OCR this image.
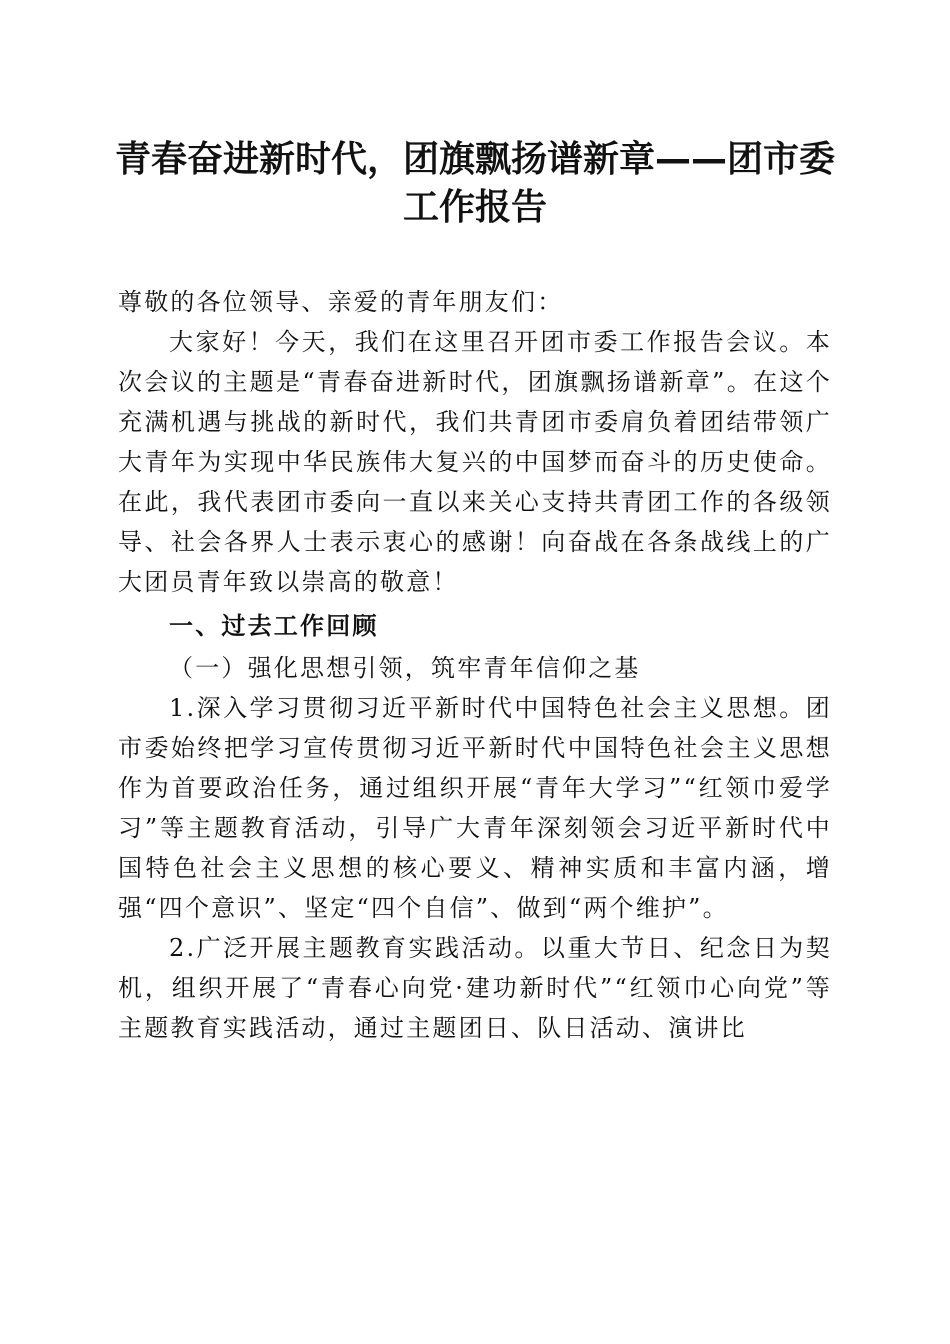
青春奋进新时代，团旗飘扬谱新章——团市委
工作报告

尊敬的各位领导、亲爱的青年朋友们：

大家好！今天，我们在这里召开团市委工作报告会议。本次会议的主题是“青春奋进新时代，团旗飘扬谱新章”。在这个充满机遇与挑战的新时代，我们共青团市委肩负着团结带领广大青年为实现中华民族伟大复兴的中国梦而奋斗的历史使命。在此，我代表团市委向一直以来关心支持共青团工作的各级领导、社会各界人士表示衷心的感谢！向奋战在各条战线上的广大团员青年致以崇高的敬意！

一、过去工作回顾

（一）强化思想引领，筑牢青年信仰之基

1.深入学习贯彻习近平新时代中国特色社会主义思想。团市委始终把学习宣传贯彻习近平新时代中国特色社会主义思想作为首要政治任务，通过组织开展“青年大学习”“红领巾爱学习”等主题教育活动，引导广大青年深刻领会习近平新时代中国特色社会主义思想的核心要义、精神实质和丰富内涵，增强“四个意识”、坚定“四个自信”、做到“两个维护”。

2.广泛开展主题教育实践活动。以重大节日、纪念日为契机，组织开展了“青春心向党·建功新时代”“红领巾心向党”等主题教育实践活动，通过主题团日、队日活动、演讲比
